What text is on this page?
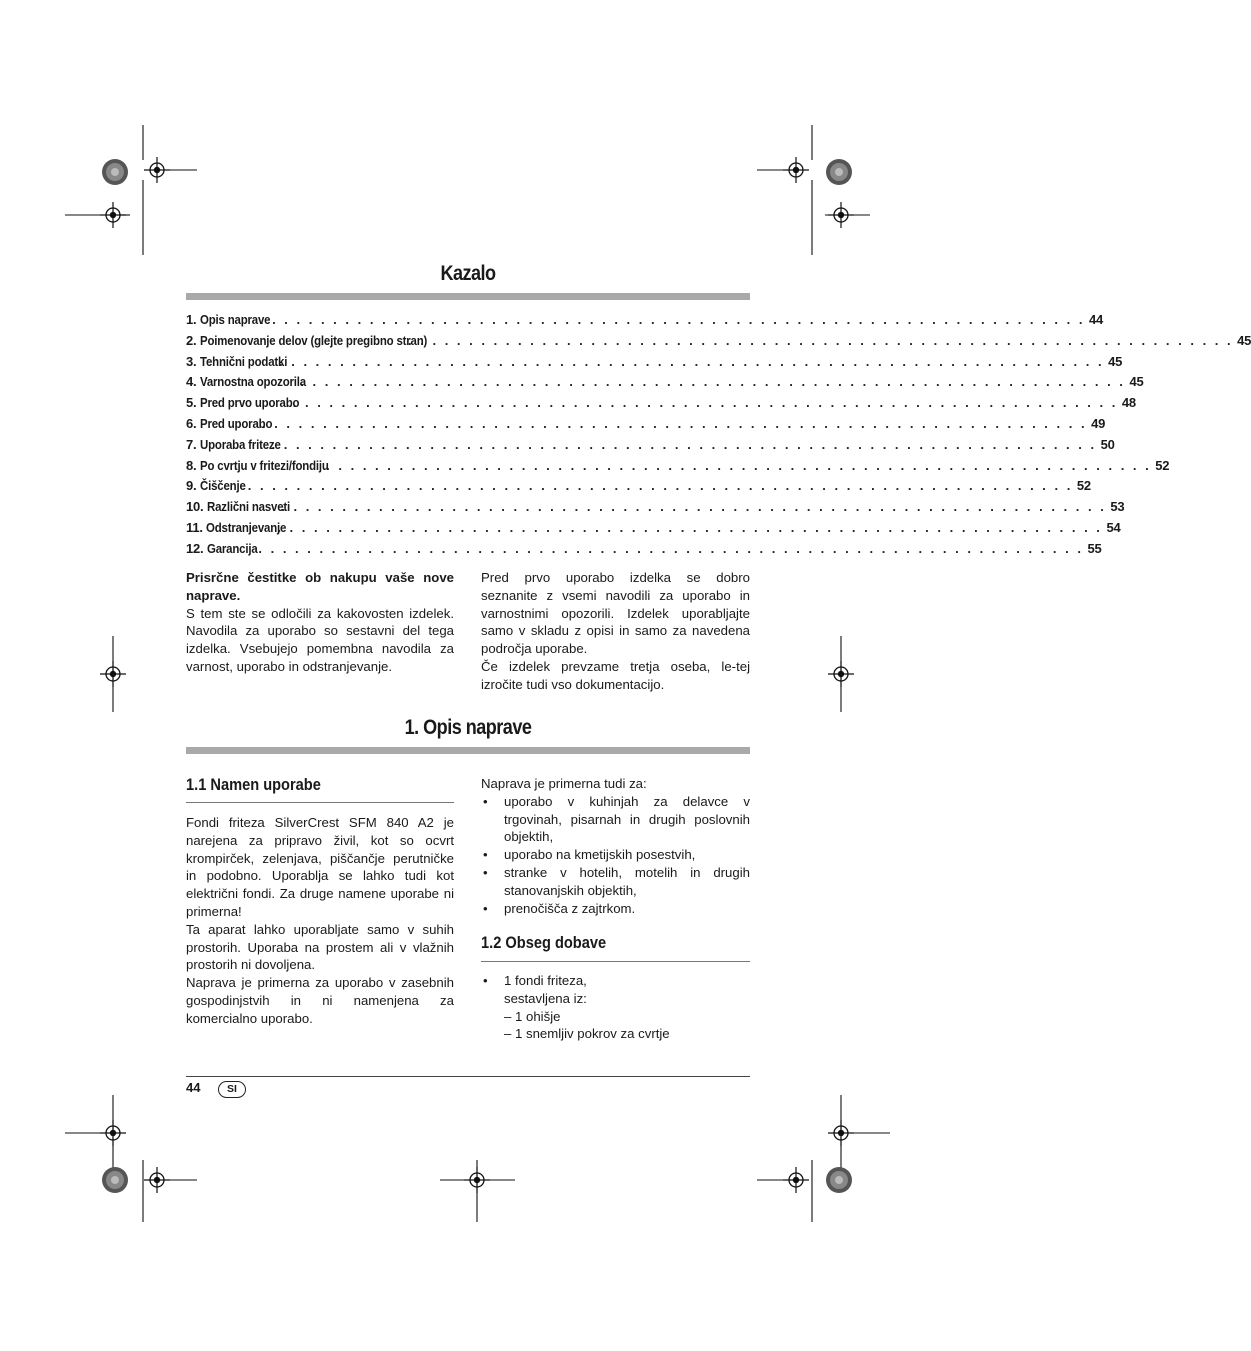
Kazalo
1.
Opis naprave
. . . . . . . . . . . . . . . . . . . . . . . . . . . . . . . . . . . . . . . . . . . . . . . . . . . . . . . . . . . . . . . . . . . . 44
2.
Poimenovanje delov (glejte pregibno stran)
. . . . . . . . . . . . . . . . . . . . . . . . . . . . . . . . . . . . . . . . . . . . . . . . . . . . . . . . . . . . . . . . . . . . 45
3.
Tehnični podatki
. . . . . . . . . . . . . . . . . . . . . . . . . . . . . . . . . . . . . . . . . . . . . . . . . . . . . . . . . . . . . . . . . . . . 45
4.
Varnostna opozorila
. . . . . . . . . . . . . . . . . . . . . . . . . . . . . . . . . . . . . . . . . . . . . . . . . . . . . . . . . . . . . . . . . . . . 45
5.
Pred prvo uporabo
. . . . . . . . . . . . . . . . . . . . . . . . . . . . . . . . . . . . . . . . . . . . . . . . . . . . . . . . . . . . . . . . . . . . 48
6.
Pred uporabo
. . . . . . . . . . . . . . . . . . . . . . . . . . . . . . . . . . . . . . . . . . . . . . . . . . . . . . . . . . . . . . . . . . . . 49
7.
Uporaba friteze
. . . . . . . . . . . . . . . . . . . . . . . . . . . . . . . . . . . . . . . . . . . . . . . . . . . . . . . . . . . . . . . . . . . . 50
8.
Po cvrtju v fritezi/fondiju
. . . . . . . . . . . . . . . . . . . . . . . . . . . . . . . . . . . . . . . . . . . . . . . . . . . . . . . . . . . . . . . . . . . . 52
9.
Čiščenje . . . . . . . . . . . . . . . . . . . . . . . . . . . . . . . . . . . . . . . . . . . . . . . . . . . . . . . . . . . . . . . . . . . . 52
10.
Različni nasveti
. . . . . . . . . . . . . . . . . . . . . . . . . . . . . . . . . . . . . . . . . . . . . . . . . . . . . . . . . . . . . . . . . . . . 53
11.
Odstranjevanje
. . . . . . . . . . . . . . . . . . . . . . . . . . . . . . . . . . . . . . . . . . . . . . . . . . . . . . . . . . . . . . . . . . . . 54
12.
Garancija . . . . . . . . . . . . . . . . . . . . . . . . . . . . . . . . . . . . . . . . . . . . . . . . . . . . . . . . . . . . . . . . . . . . 55

Prisrčne čestitke ob nakupu vaše nove naprave.

S tem ste se odločili za kakovosten izdelek. Navodila za uporabo so sestavni del tega izdelka. Vsebujejo pomembna navodila za varnost, uporabo in odstranjevanje.

Pred prvo uporabo izdelka se dobro seznanite z vsemi navodili za uporabo in varnostnimi opozorili. Izdelek uporabljajte samo v skladu z opisi in samo za navedena področja uporabe.

Če izdelek prevzame tretja oseba, le-tej izročite tudi vso dokumentacijo.

1. Opis naprave
1.1 Namen uporabe

Fondi friteza SilverCrest SFM 840 A2 je narejena za pripravo živil, kot so ocvrt krompirček, zelenjava, piščančje perutničke in podobno. Uporablja se lahko tudi kot električni fondi. Za druge namene uporabe ni primerna!

Ta aparat lahko uporabljate samo v suhih prostorih. Uporaba na prostem ali v vlažnih prostorih ni dovoljena.

Naprava je primerna za uporabo v zasebnih gospodinjstvih in ni namenjena za komercialno uporabo.

Naprava je primerna tudi za:

• uporabo v kuhinjah za delavce v trgovinah, pisarnah in drugih poslovnih objektih,
• uporabo na kmetijskih posestvih,
• stranke v hotelih, motelih in drugih stanovanjskih objektih,
• prenočišča z zajtrkom.
1.2 Obseg dobave
• 1 fondi friteza,
sestavljena iz:
– 1 ohišje
– 1 snemljiv pokrov za cvrtje
44	SI
